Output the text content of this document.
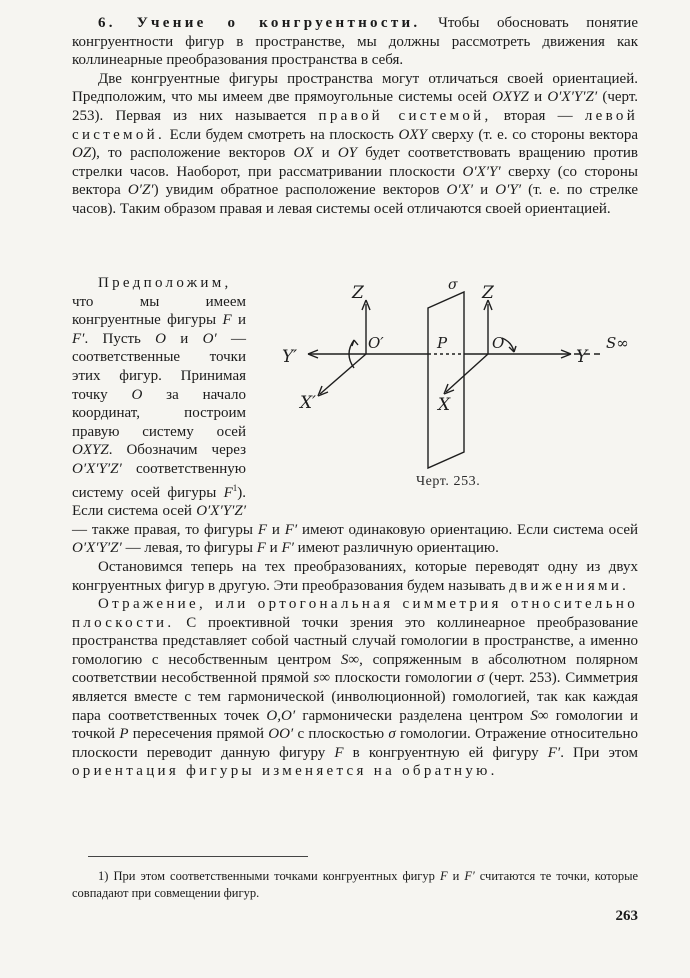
6. Учение о конгруентности. Чтобы обосновать понятие конгруентности фигур в пространстве, мы должны рассмотреть движения как коллинеарные преобразования пространства в себя.

Две конгруентные фигуры пространства могут отличаться своей ориентацией. Предположим, что мы имеем две прямоугольные системы осей OXYZ и O′X′Y′Z′ (черт. 253). Первая из них называется правой системой, вторая — левой системой. Если будем смотреть на плоскость OXY сверху (т. е. со стороны вектора OZ), то расположение векторов OX и OY будет соответствовать вращению против стрелки часов. Наоборот, при рассматривании плоскости O′X′Y′ сверху (со стороны вектора O′Z′) увидим обратное расположение векторов O′X′ и O′Y′ (т. е. по стрелке часов). Таким образом правая и левая системы осей отличаются своей ориентацией.

Z	Z
σ
O′	O
P
Y′	Y
X′	X
S∞
Черт. 253.

Предположим, что мы имеем конгруентные фигуры F и F′. Пусть O и O′ — соответственные точки этих фигур. Принимая точку O за начало координат, построим правую систему осей OXYZ. Обозначим через O′X′Y′Z′ соответственную систему осей фигуры $F^1$). Если система осей O′X′Y′Z′ — также правая, то фигуры F и F′ имеют одинаковую ориентацию. Если система осей O′X′Y′Z′ — левая, то фигуры F и F′ имеют различную ориентацию.

Остановимся теперь на тех преобразованиях, которые переводят одну из двух конгруентных фигур в другую. Эти преобразования будем называть движениями.

Отражение, или ортогональная симметрия относительно плоскости. С проективной точки зрения это коллинеарное преобразование пространства представляет собой частный случай гомологии в пространстве, а именно гомологию с несобственным центром S∞, сопряженным в абсолютном полярном соответствии несобственной прямой s∞ плоскости гомологии σ (черт. 253). Симметрия является вместе с тем гармонической (инволюционной) гомологией, так как каждая пара соответственных точек O,O′ гармонически разделена центром S∞ гомологии и точкой P пересечения прямой OO′ с плоскостью σ гомологии. Отражение относительно плоскости переводит данную фигуру F в конгруентную ей фигуру F′. При этом ориентация фигуры изменяется на обратную.

1) При этом соответственными точками конгруентных фигур F и F′ считаются те точки, которые совпадают при совмещении фигур.

263
